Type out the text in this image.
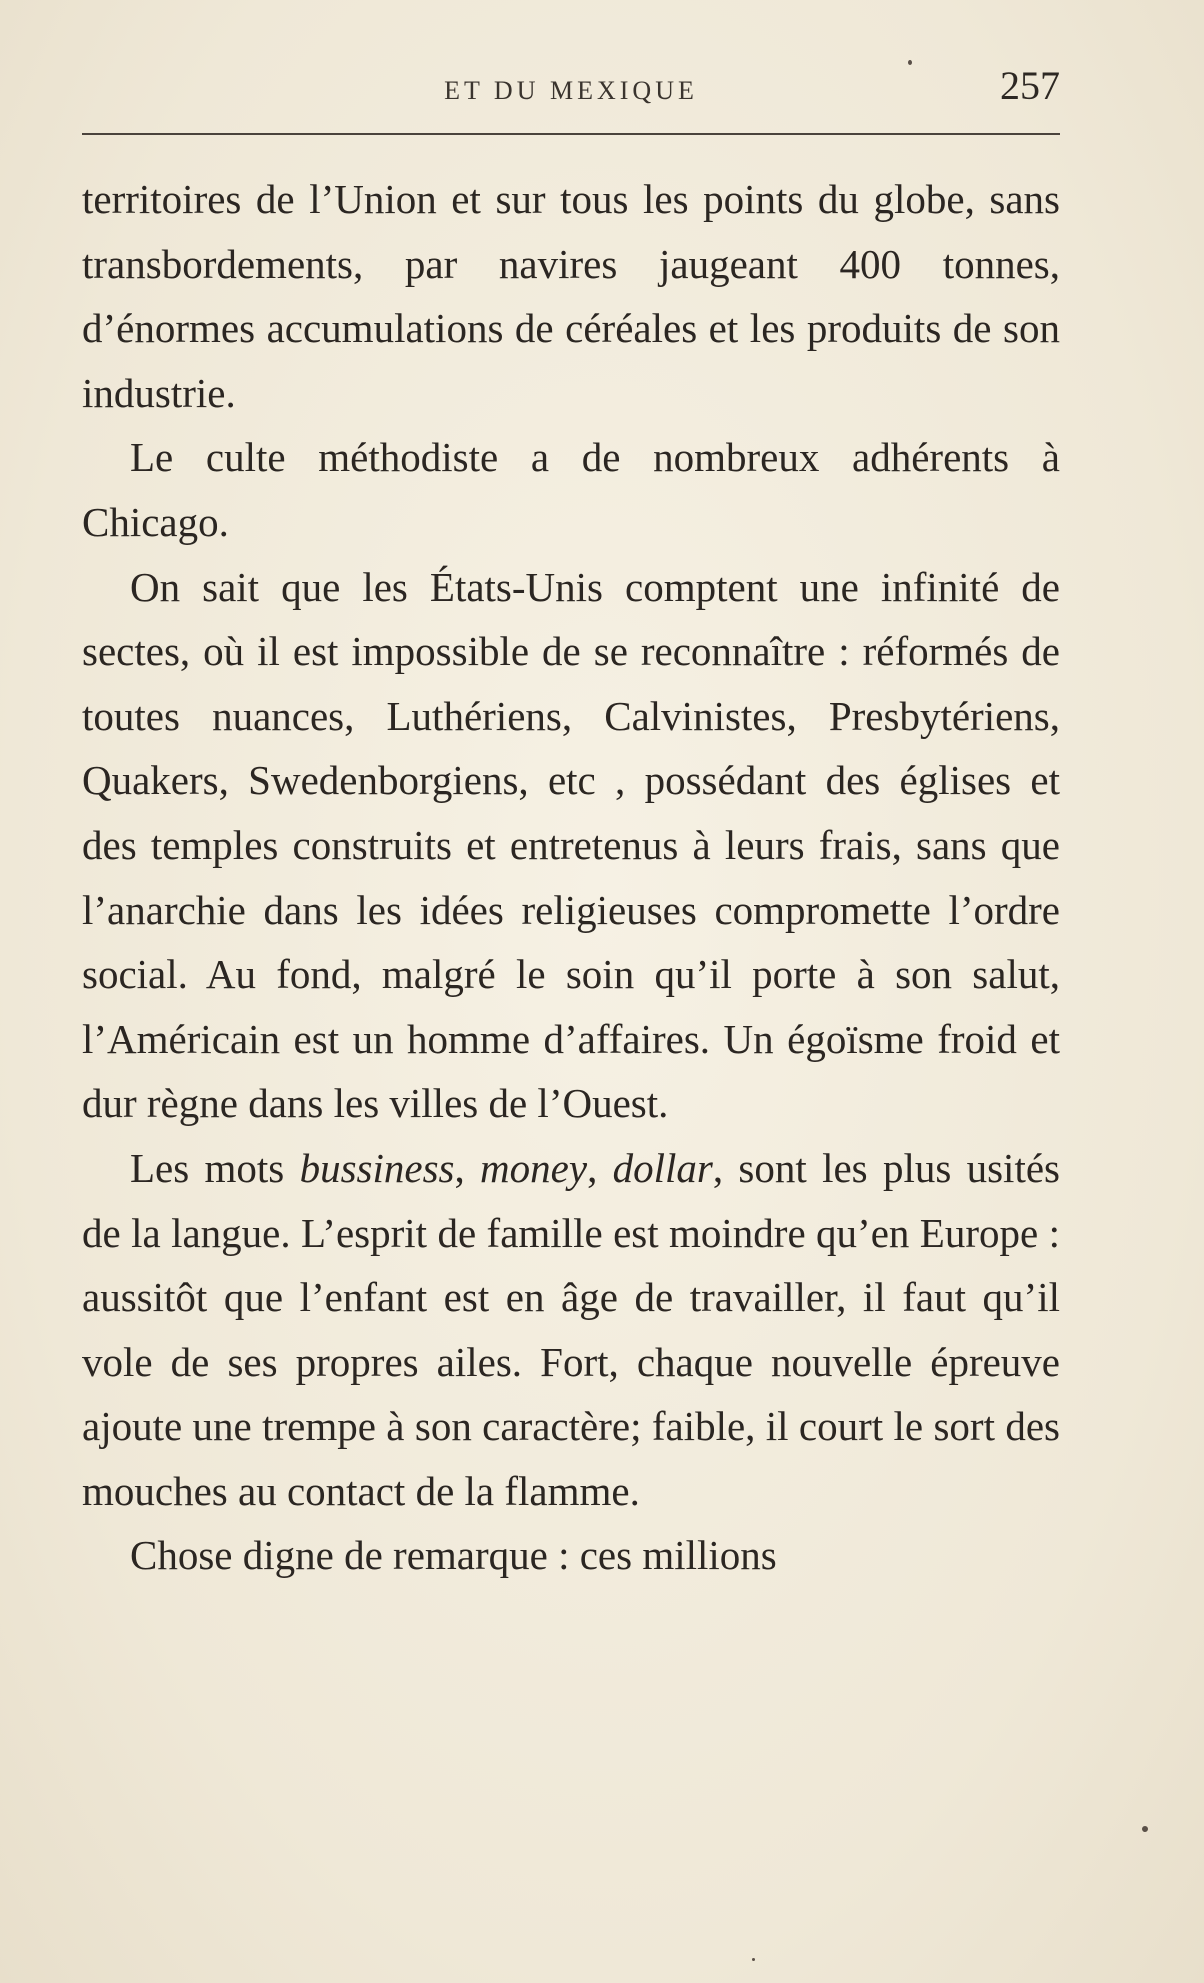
ET DU MEXIQUE	257

territoires de l’Union et sur tous les points du globe, sans transbordements, par navires jaugeant 400 tonnes, d’énormes accumulations de céréales et les produits de son industrie.

Le culte méthodiste a de nombreux adhérents à Chicago.

On sait que les États-Unis comptent une infinité de sectes, où il est impossible de se reconnaître : réformés de toutes nuances, Luthériens, Calvinistes, Presbytériens, Quakers, Swedenborgiens, etc , possédant des églises et des temples construits et entretenus à leurs frais, sans que l’anarchie dans les idées religieuses compromette l’ordre social. Au fond, malgré le soin qu’il porte à son salut, l’Américain est un homme d’affaires. Un égoïsme froid et dur règne dans les villes de l’Ouest.

Les mots bussiness, money, dollar, sont les plus usités de la langue. L’esprit de famille est moindre qu’en Europe : aussitôt que l’enfant est en âge de travailler, il faut qu’il vole de ses propres ailes. Fort, chaque nouvelle épreuve ajoute une trempe à son caractère; faible, il court le sort des mouches au contact de la flamme.

Chose digne de remarque : ces millions
